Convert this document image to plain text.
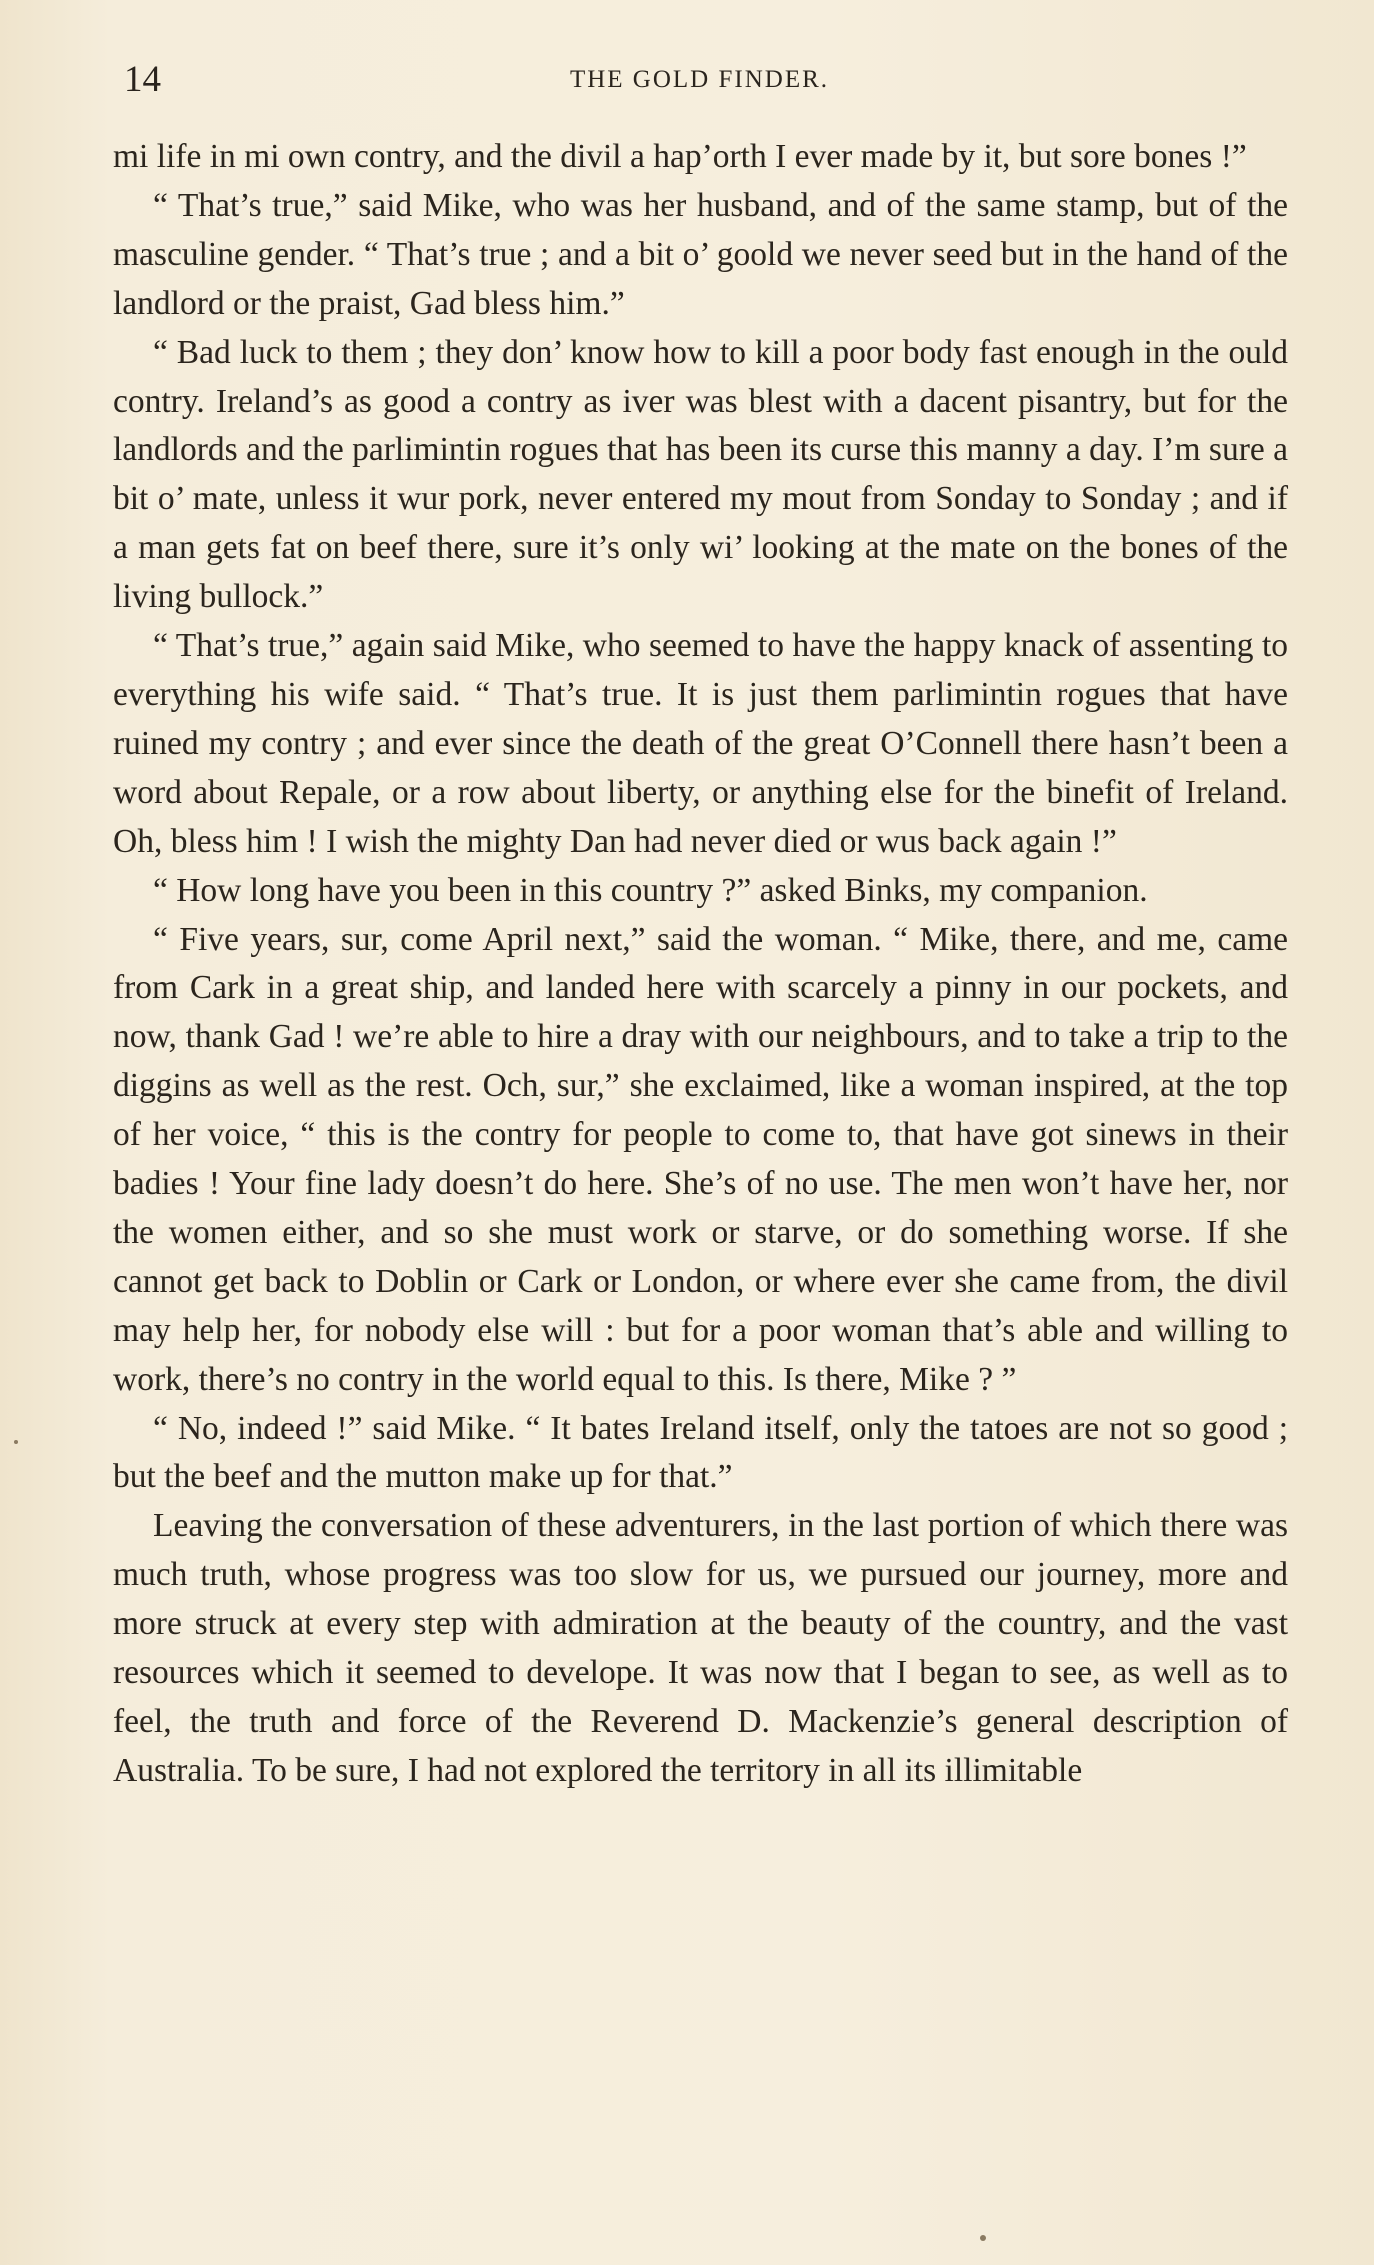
14	THE GOLD FINDER.

mi life in mi own contry, and the divil a hap’orth I ever made by it, but sore bones !”

“ That’s true,” said Mike, who was her husband, and of the same stamp, but of the masculine gender. “ That’s true ; and a bit o’ goold we never seed but in the hand of the landlord or the praist, Gad bless him.”

“ Bad luck to them ; they don’ know how to kill a poor body fast enough in the ould contry. Ireland’s as good a contry as iver was blest with a dacent pisantry, but for the landlords and the parlimintin rogues that has been its curse this manny a day. I’m sure a bit o’ mate, unless it wur pork, never entered my mout from Sonday to Sonday ; and if a man gets fat on beef there, sure it’s only wi’ looking at the mate on the bones of the living bullock.”

“ That’s true,” again said Mike, who seemed to have the happy knack of assenting to everything his wife said. “ That’s true. It is just them parlimintin rogues that have ruined my contry ; and ever since the death of the great O’Connell there hasn’t been a word about Repale, or a row about liberty, or anything else for the binefit of Ireland. Oh, bless him ! I wish the mighty Dan had never died or wus back again !”

“ How long have you been in this country ?” asked Binks, my companion.

“ Five years, sur, come April next,” said the woman. “ Mike, there, and me, came from Cark in a great ship, and landed here with scarcely a pinny in our pockets, and now, thank Gad ! we’re able to hire a dray with our neighbours, and to take a trip to the diggins as well as the rest. Och, sur,” she exclaimed, like a woman inspired, at the top of her voice, “ this is the contry for people to come to, that have got sinews in their badies ! Your fine lady doesn’t do here. She’s of no use. The men won’t have her, nor the women either, and so she must work or starve, or do something worse. If she cannot get back to Doblin or Cark or London, or where ever she came from, the divil may help her, for nobody else will : but for a poor woman that’s able and willing to work, there’s no contry in the world equal to this. Is there, Mike ? ”

“ No, indeed !” said Mike. “ It bates Ireland itself, only the tatoes are not so good ; but the beef and the mutton make up for that.”

Leaving the conversation of these adventurers, in the last portion of which there was much truth, whose progress was too slow for us, we pursued our journey, more and more struck at every step with admiration at the beauty of the country, and the vast resources which it seemed to develope. It was now that I began to see, as well as to feel, the truth and force of the Reverend D. Mackenzie’s general description of Australia. To be sure, I had not explored the territory in all its illimitable
